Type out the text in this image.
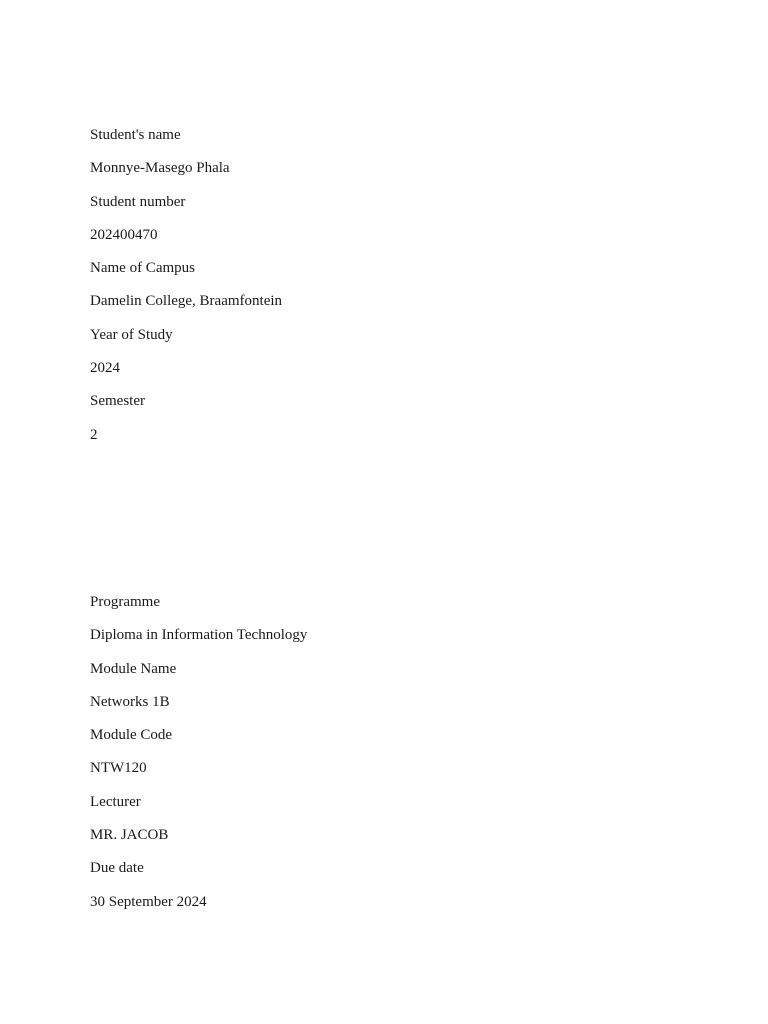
Student's name

Monnye-Masego Phala

Student number

202400470

Name of Campus

Damelin College, Braamfontein

Year of Study

2024

Semester

2

Programme

Diploma in Information Technology

Module Name

Networks 1B

Module Code

NTW120

Lecturer

MR. JACOB

Due date

30 September 2024
